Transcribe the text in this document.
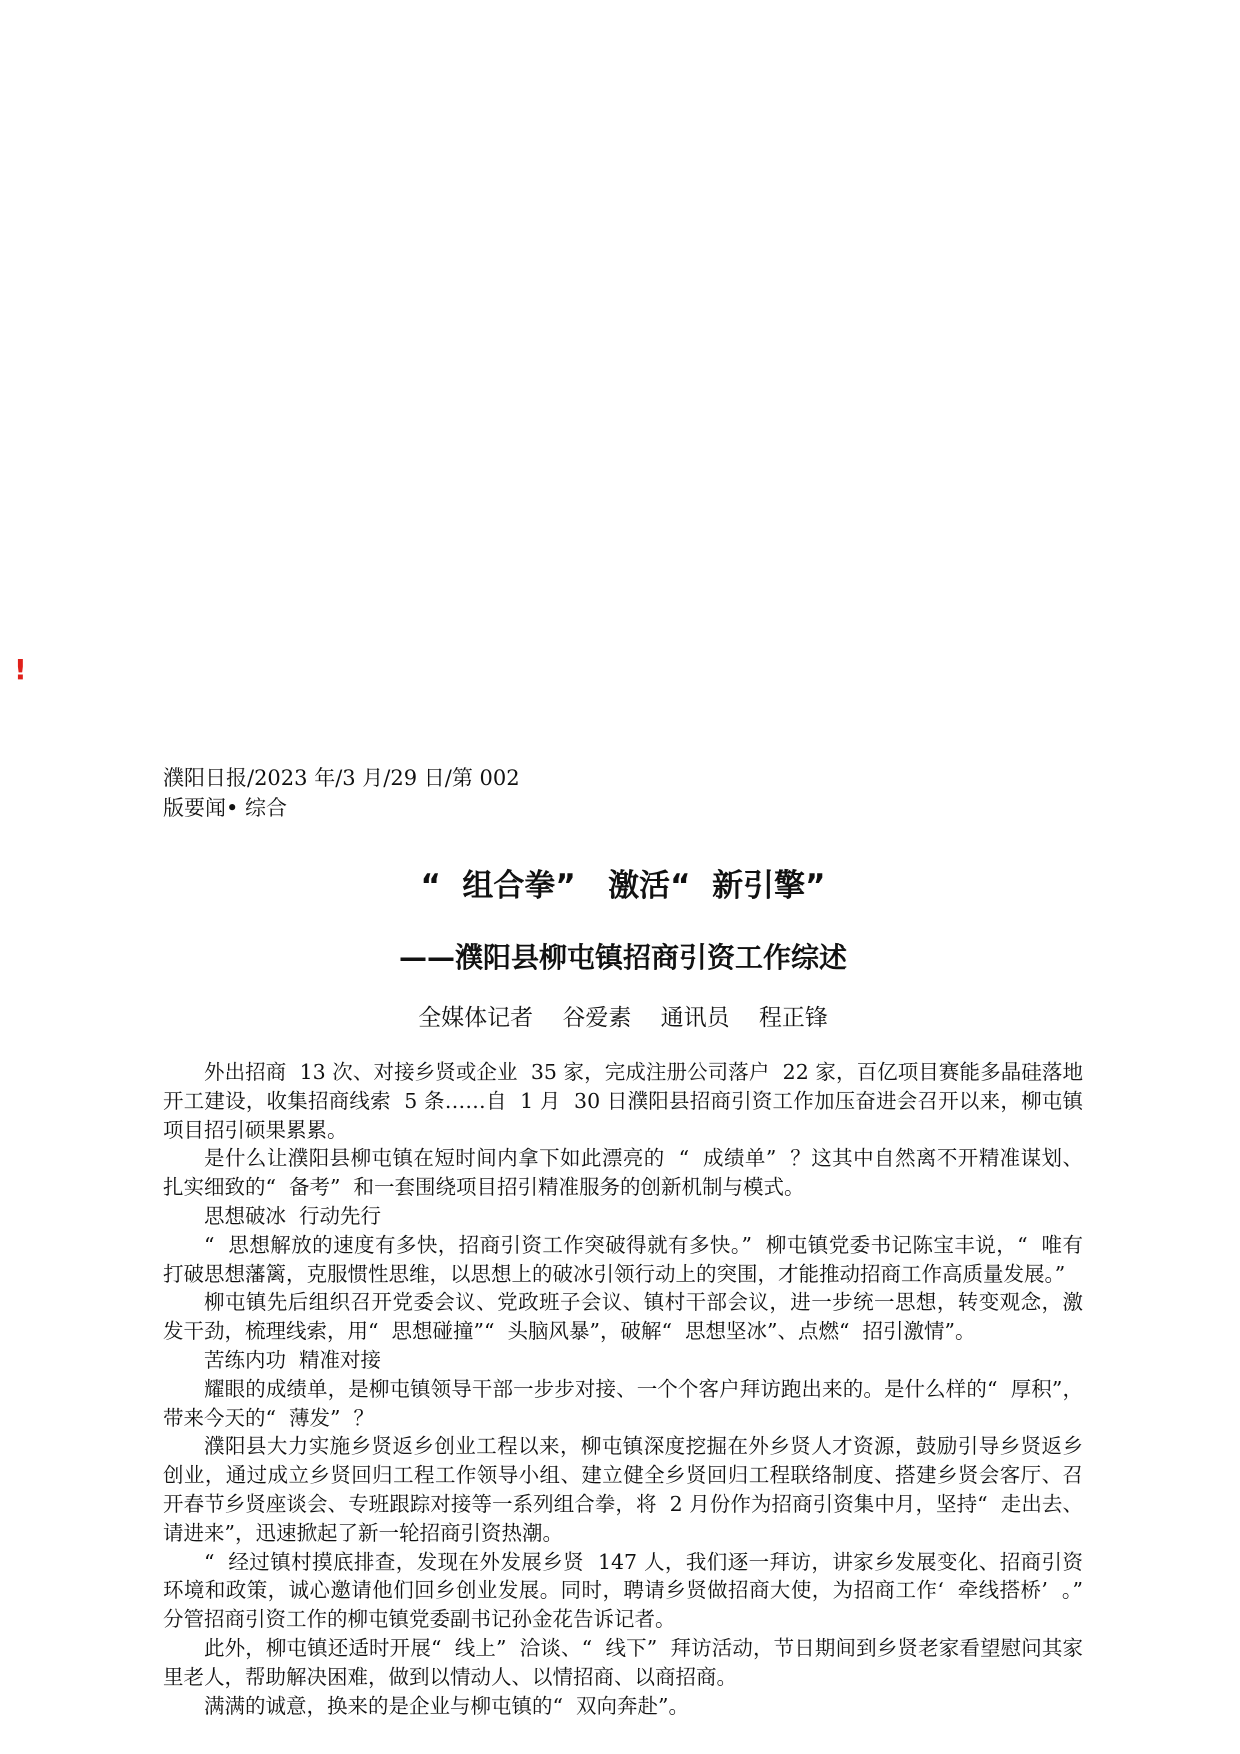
!
濮阳日报/2023 年/3 月/29 日/第 002
版要闻• 综合
“  组合拳”   激活“  新引擎”
——濮阳县柳屯镇招商引资工作综述
全媒体记者    谷爱素    通讯员    程正锋

外出招商  13 次、对接乡贤或企业  35 家，完成注册公司落户  22 家，百亿项目赛能多晶硅落地开工建设，收集招商线索  5 条……自  1 月  30 日濮阳县招商引资工作加压奋进会召开以来，柳屯镇项目招引硕果累累。

是什么让濮阳县柳屯镇在短时间内拿下如此漂亮的  “  成绩单”  ？这其中自然离不开精准谋划、扎实细致的“  备考”  和一套围绕项目招引精准服务的创新机制与模式。

思想破冰  行动先行

“  思想解放的速度有多快，招商引资工作突破得就有多快。”  柳屯镇党委书记陈宝丰说，“  唯有打破思想藩篱，克服惯性思维，以思想上的破冰引领行动上的突围，才能推动招商工作高质量发展。”

柳屯镇先后组织召开党委会议、党政班子会议、镇村干部会议，进一步统一思想，转变观念，激发干劲，梳理线索，用“  思想碰撞”“  头脑风暴”，破解“  思想坚冰”、点燃“  招引激情”。

苦练内功  精准对接

耀眼的成绩单，是柳屯镇领导干部一步步对接、一个个客户拜访跑出来的。是什么样的“  厚积”，带来今天的“  薄发”  ？

濮阳县大力实施乡贤返乡创业工程以来，柳屯镇深度挖掘在外乡贤人才资源，鼓励引导乡贤返乡创业，通过成立乡贤回归工程工作领导小组、建立健全乡贤回归工程联络制度、搭建乡贤会客厅、召开春节乡贤座谈会、专班跟踪对接等一系列组合拳，将  2 月份作为招商引资集中月，坚持“  走出去、请进来”，迅速掀起了新一轮招商引资热潮。

“  经过镇村摸底排查，发现在外发展乡贤  147 人，我们逐一拜访，讲家乡发展变化、招商引资环境和政策，诚心邀请他们回乡创业发展。同时，聘请乡贤做招商大使，为招商工作‘  牵线搭桥’  。”  分管招商引资工作的柳屯镇党委副书记孙金花告诉记者。

此外，柳屯镇还适时开展“  线上”  洽谈、“  线下”  拜访活动，节日期间到乡贤老家看望慰问其家里老人，帮助解决困难，做到以情动人、以情招商、以商招商。

满满的诚意，换来的是企业与柳屯镇的“  双向奔赴”。
